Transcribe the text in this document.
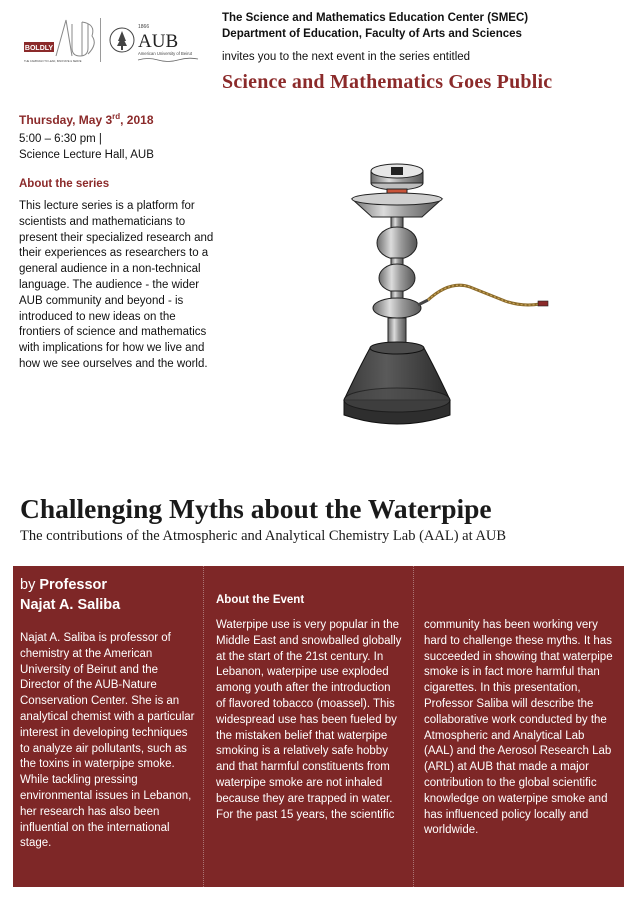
BOLDLY
THE CAMPAIGN TO LEAD, INNOVATE & SERVE
1866
AUB
American University of Beirut
The Science and Mathematics Education Center (SMEC)
Department of Education, Faculty of Arts and Sciences
invites you to the next event in the series entitled
Science and Mathematics Goes Public
Thursday, May 3rd, 2018
5:00 – 6:30 pm |
Science Lecture Hall, AUB
About the series
This lecture series is a platform for scientists and mathematicians to present their specialized research and their experiences as researchers to a general audience in a non-technical language. The audience - the wider AUB community and beyond - is introduced to new ideas on the frontiers of science and mathematics with implications for how we live and how we see ourselves and the world.
Challenging Myths about the Waterpipe
The contributions of the Atmospheric and Analytical Chemistry Lab (AAL) at AUB
by Professor
Najat A. Saliba
Najat A. Saliba is professor of chemistry at the American University of Beirut and the Director of the AUB-Nature Conservation Center. She is an analytical chemist with a particular interest in developing techniques to analyze air pollutants, such as the toxins in waterpipe smoke. While tackling pressing environmental issues in Lebanon, her research has also been influential on the international stage.
About the Event
Waterpipe use is very popular in the Middle East and snowballed globally at the start of the 21st century. In Lebanon, waterpipe use exploded among youth after the introduction of flavored tobacco (moassel). This widespread use has been fueled by the mistaken belief that waterpipe smoking is a relatively safe hobby and that harmful constituents from waterpipe smoke are not inhaled because they are trapped in water. For the past 15 years, the scientific
community has been working very hard to challenge these myths. It has succeeded in showing that waterpipe smoke is in fact more harmful than cigarettes. In this presentation, Professor Saliba will describe the collaborative work conducted by the Atmospheric and Analytical Lab (AAL) and the Aerosol Research Lab (ARL) at AUB that made a major contribution to the global scientific knowledge on waterpipe smoke and has influenced policy locally and worldwide.
